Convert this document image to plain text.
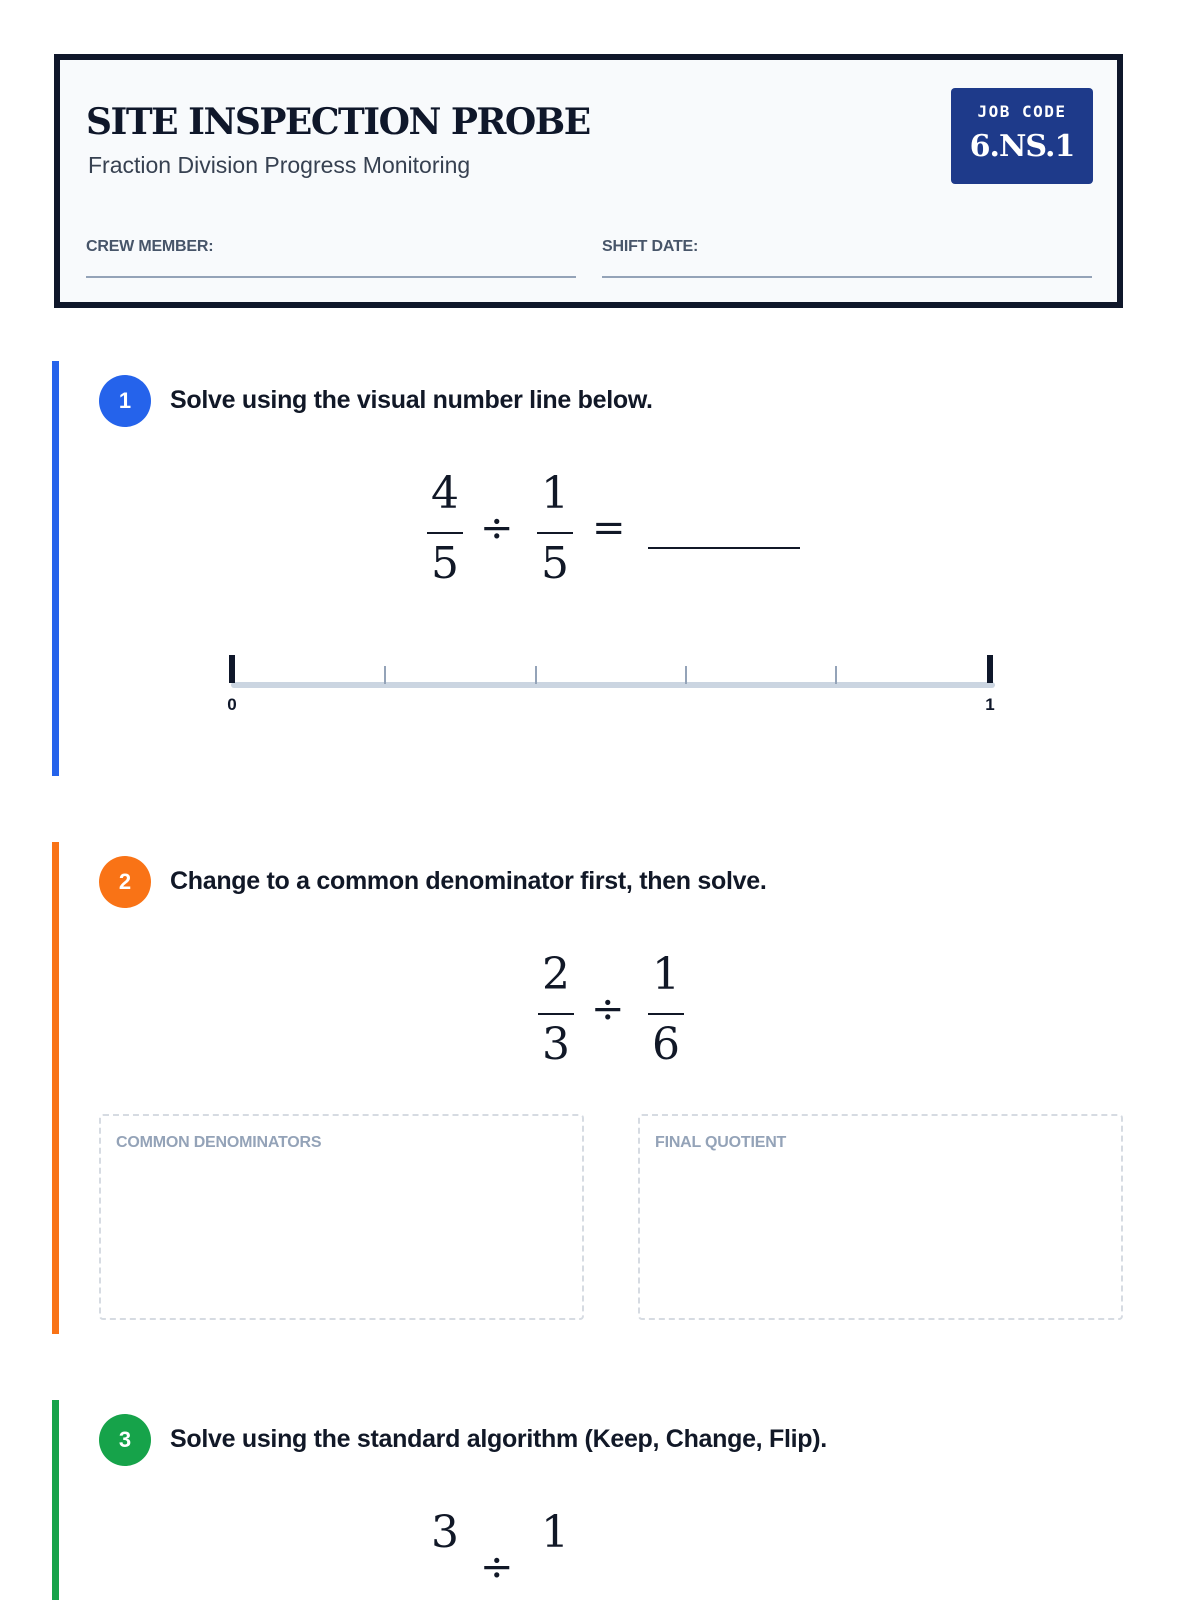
SITE INSPECTION PROBE
Fraction Division Progress Monitoring
JOB CODE
6.NS.1
CREW MEMBER:	SHIFT DATE:
1	Solve using the visual number line below.
4
5
÷
1
5
=
0	1
2	Change to a common denominator first, then solve.
2
3
÷
1
6
COMMON DENOMINATORS	FINAL QUOTIENT
3	Solve using the standard algorithm (Keep, Change, Flip).
3
÷
1
